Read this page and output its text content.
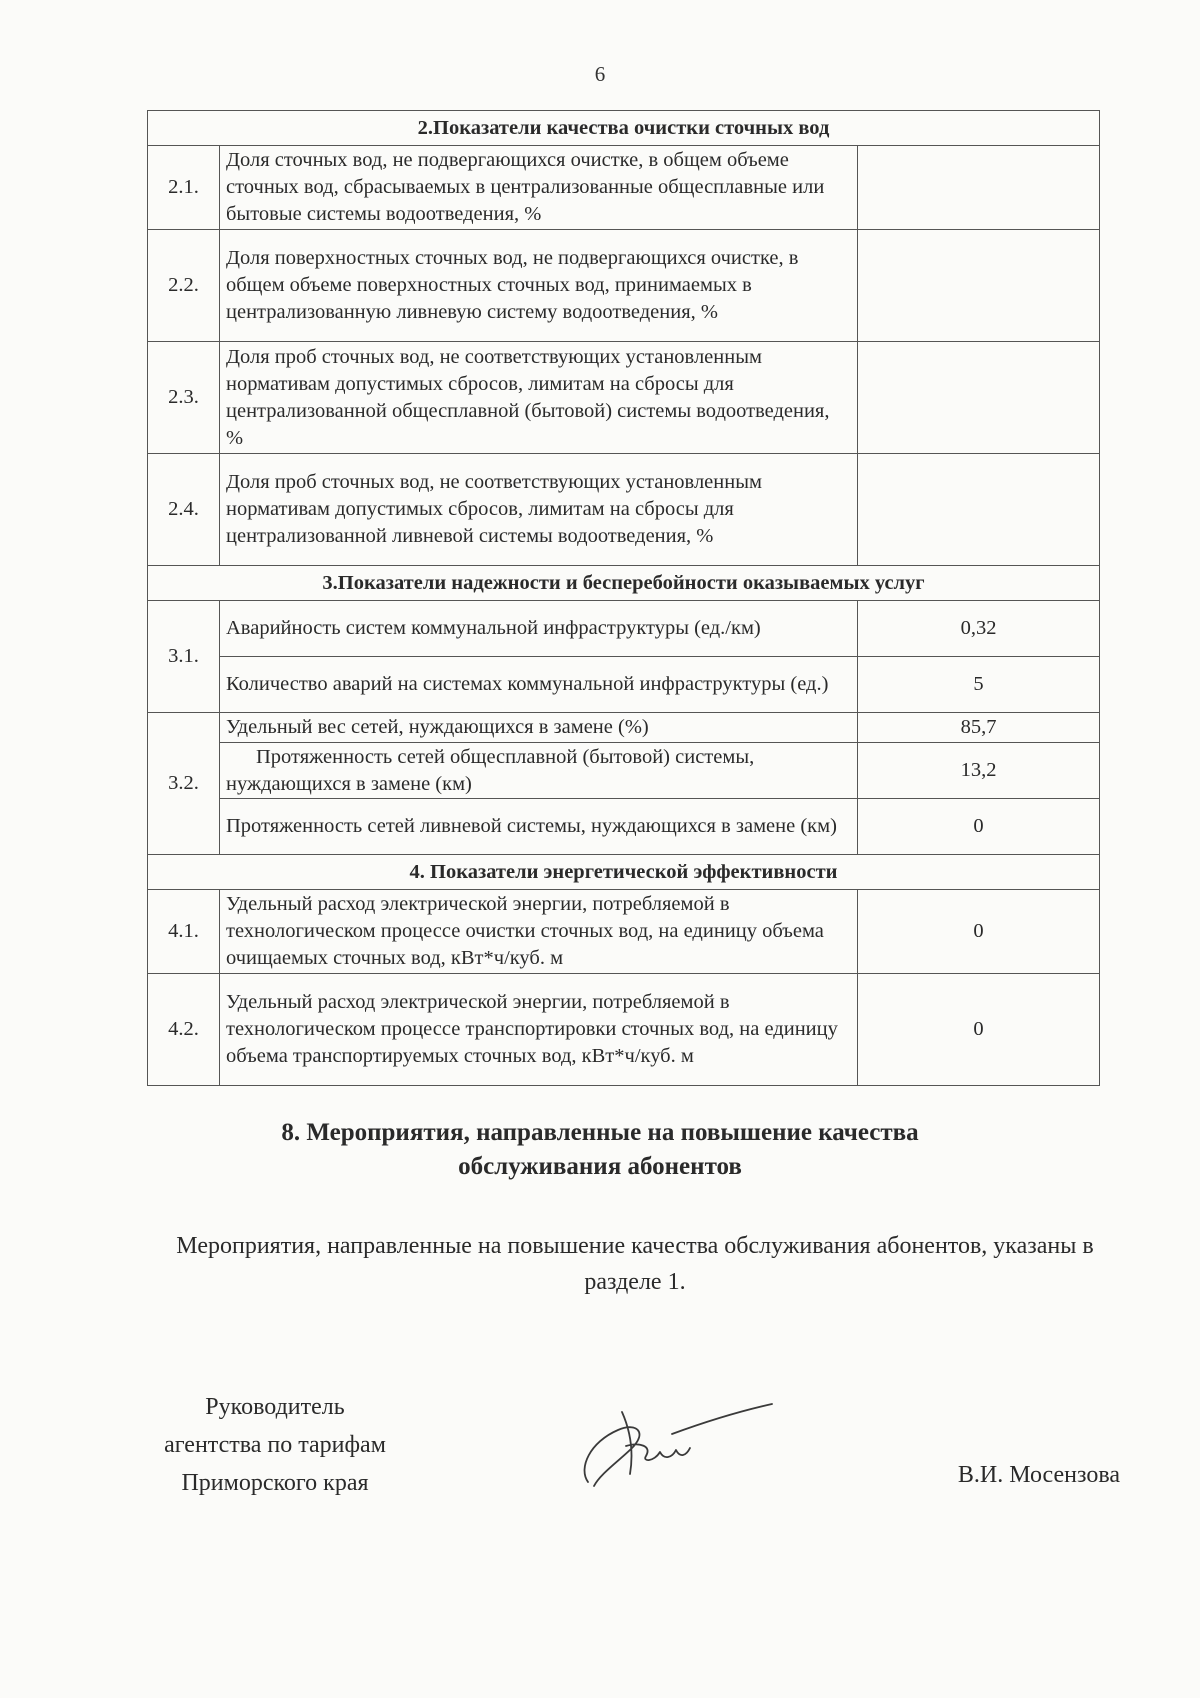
6
2.Показатели качества очистки сточных вод		
2.1.	Доля сточных вод, не подвергающихся очистке, в общем объеме сточных вод, сбрасываемых в централизованные общесплавные или бытовые системы водоотведения, %	
2.2.	Доля поверхностных сточных вод, не подвергающихся очистке, в общем объеме поверхностных сточных вод, принимаемых в централизованную ливневую систему водоотведения, %	
2.3.	Доля проб сточных вод, не соответствующих установленным нормативам допустимых сбросов, лимитам на сбросы для централизованной общесплавной (бытовой) системы водоотведения, %	
2.4.	Доля проб сточных вод, не соответствующих установленным нормативам допустимых сбросов, лимитам на сбросы для централизованной ливневой системы водоотведения, %	
3.Показатели надежности и бесперебойности оказываемых услуг		
3.1.	Аварийность систем коммунальной инфраструктуры (ед./км)	0,32
	Количество аварий на системах коммунальной инфраструктуры (ед.)	5
3.2.	Удельный вес сетей, нуждающихся в замене (%)	85,7
	Протяженность сетей общесплавной (бытовой) системы, нуждающихся в замене (км)	13,2
	Протяженность сетей ливневой системы, нуждающихся в замене (км)	0
4. Показатели энергетической эффективности		
4.1.	Удельный расход электрической энергии, потребляемой в технологическом процессе очистки сточных вод, на единицу объема очищаемых сточных вод, кВт*ч/куб. м	0
4.2.	Удельный расход электрической энергии, потребляемой в технологическом процессе транспортировки сточных вод, на единицу объема транспортируемых сточных вод, кВт*ч/куб. м	0
8. Мероприятия, направленные на повышение качества
обслуживания абонентов

Мероприятия, направленные на повышение качества обслуживания абонентов, указаны в разделе 1.

Руководитель
агентства по тарифам
Приморского края	В.И. Мосензова
